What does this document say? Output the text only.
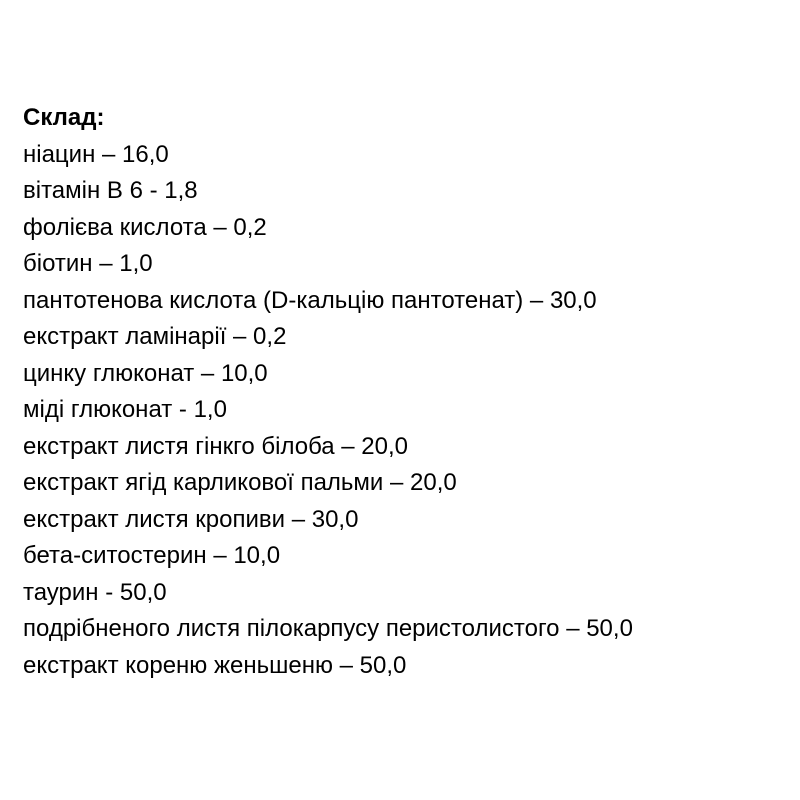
Склад:

ніацин – 16,0
вітамін В 6 - 1,8
фолієва кислота – 0,2
біотин – 1,0
пантотенова кислота (D-кальцію пантотенат) – 30,0
екстракт ламінарії – 0,2
цинку глюконат – 10,0
міді глюконат - 1,0
екстракт листя гінкго білоба – 20,0
екстракт ягід карликової пальми – 20,0
екстракт листя кропиви – 30,0
бета-ситостерин – 10,0
таурин - 50,0
подрібненого листя пілокарпусу перистолистого – 50,0
екстракт кореню женьшеню – 50,0
